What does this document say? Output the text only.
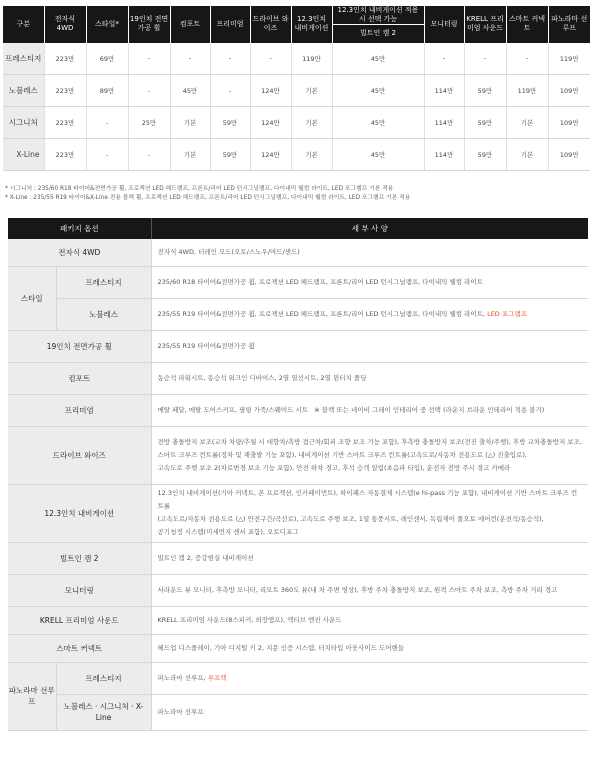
구분	전자식 4WD	스타일*	19인치 전면가공 휠	컴포트	프리미엄	드라이브 와이즈	12.3인치 내비게이션	12.3인치 내비게이션 적용 시 선택 가능	모니터링	KRELL 프리미엄 사운드	스마트 커넥트	파노라마 선루프
								빌트인 캠 2				
프레스티지	223만	69만	-	-	-	-	119만	45만	-	-	-	119만
노블레스	223만	89만	-	45만	-	124만	기본	45만	114만	59만	119만	109만
시그니처	223만	-	25만	기본	59만	124만	기본	45만	114만	59만	기본	109만
X-Line	223만	-	-	기본	59만	124만	기본	45만	114만	59만	기본	109만
* 시그니처 : 235/60 R18 타이어&전면가공 휠, 프로젝션 LED 헤드램프, 프론트/리어 LED 턴시그널램프, 다이내믹 웰컴 라이트, LED 포그램프 기본 적용
* X-Line : 235/55 R19 타이어&X-Line 전용 블랙 휠, 프로젝션 LED 헤드램프, 프론트/리어 LED 턴시그널램프, 다이내믹 웰컴 라이트, LED 포그램프 기본 적용
패키지 옵션		세 부 사 양
전자식 4WD		전자식 4WD, 터레인 모드(오토/스노우/머드/샌드)
스타일	프레스티지	235/60 R18 타이어&전면가공 휠, 프로젝션 LED 헤드램프, 프론트/리어 LED 턴시그널램프, 다이내믹 웰컴 라이트
	노블레스	235/55 R19 타이어&전면가공 휠, 프로젝션 LED 헤드램프, 프론트/리어 LED 턴시그널램프, 다이내믹 웰컴 라이트, LED 포그램프
19인치 전면가공 휠		235/55 R19 타이어&전면가공 휠
컴포트		동승석 파워시트, 동승석 워크인 디바이스, 2열 열선시트, 2열 윈터치 폴딩
프리미엄		메탈 페달, 메탈 도어스커프, 필링 가죽/스웨이드 시트   ※ 블랙 또는 네이비 그레이 인테리어 중 선택 (라운지 브라운 인테리어 적용 불가)
드라이브 와이즈		전방 충돌방지 보조(교차 차량/추월 시 대향차/측방 접근차/회피 조향 보조 기능 포함), 후측방 충돌방지 보조(전진 출차/주행), 후방 교차충돌방지 보조,
스마트 크루즈 컨트롤(정차 및 재출발 기능 포함), 내비게이션 기반 스마트 크루즈 컨트롤(고속도로/자동차 전용도로 (△) 진출입로),
고속도로 주행 보조 2(차로변경 보조 기능 포함), 안전 하차 경고, 후석 승객 알림(초음파 타입), 운전자 전방 주시 경고 카메라

12.3인치 내비게이션		12.3인치 내비게이션(기아 커넥트, 폰 프로젝션, 인카페이먼트), 하이패스 자동결제 시스템(e hi-pass 기능 포함), 내비게이션 기반 스마트 크루즈 컨트롤
(고속도로/자동차 전용도로 (△) 안전구간/곡선로), 고속도로 주행 보조, 1열 통풍시트, 레인센서, 독립제어 풀오토 에어컨(운전석/동승석),
공기청정 시스템(미세먼지 센서 포함), 오토디포그

빌트인 캠 2		빌트인 캠 2, 증강현실 내비게이션
모니터링		서라운드 뷰 모니터, 후측방 모니터, 리모트 360도 뷰(내 차 주변 영상), 후방 주차 충돌방지 보조, 원격 스마트 주차 보조, 측방 주차 거리 경고
KRELL 프리미엄 사운드		KRELL 프리미엄 사운드(8스피커, 외장앰프), 액티브 엔진 사운드
스마트 커넥트		헤드업 디스플레이, 기아 디지털 키 2, 지문 인증 시스템, 터치타입 아웃사이드 도어핸들
파노라마 선루프	프레스티지	파노라마 선루프, 루프랙
	노블레스 · 시그니처 · X-Line	파노라마 선루프
